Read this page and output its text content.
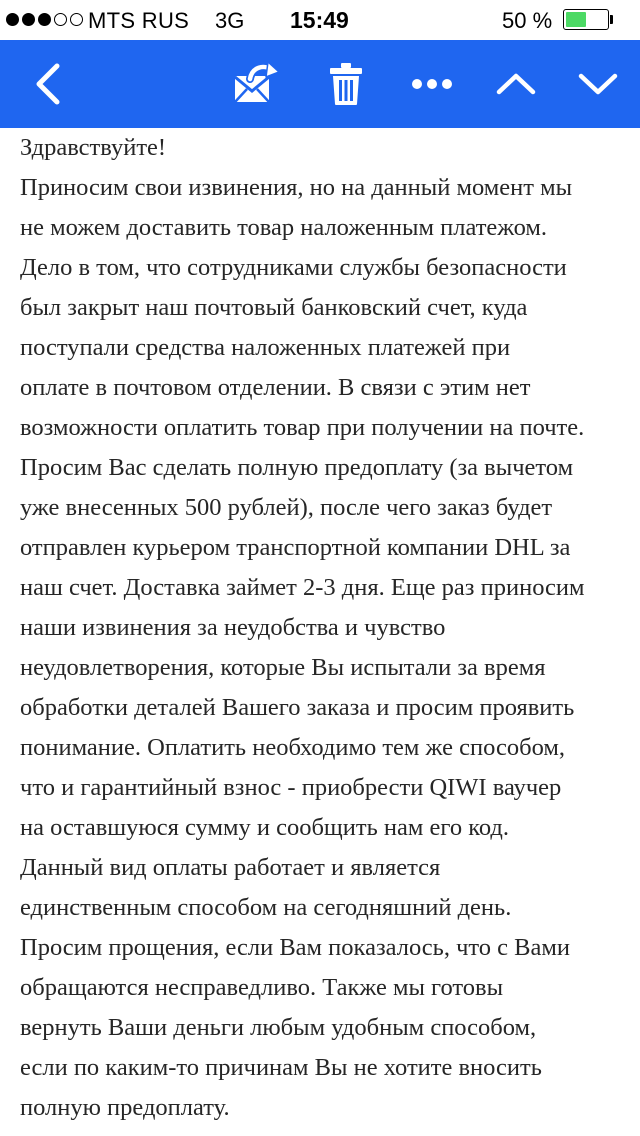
MTS RUS 3G 15:49	50 %
Здравствуйте!
Приносим свои извинения, но на данный момент мы
не можем доставить товар наложенным платежом.
Дело в том, что сотрудниками службы безопасности
был закрыт наш почтовый банковский счет, куда
поступали средства наложенных платежей при
оплате в почтовом отделении. В связи с этим нет
возможности оплатить товар при получении на почте.
Просим Вас сделать полную предоплату (за вычетом
уже внесенных 500 рублей), после чего заказ будет
отправлен курьером транспортной компании DHL за
наш счет. Доставка займет 2-3 дня. Еще раз приносим
наши извинения за неудобства и чувство
неудовлетворения, которые Вы испытали за время
обработки деталей Вашего заказа и просим проявить
понимание. Оплатить необходимо тем же способом,
что и гарантийный взнос - приобрести QIWI ваучер
на оставшуюся сумму и сообщить нам его код.
Данный вид оплаты работает и является
единственным способом на сегодняшний день.
Просим прощения, если Вам показалось, что с Вами
обращаются несправедливо. Также мы готовы
вернуть Ваши деньги любым удобным способом,
если по каким-то причинам Вы не хотите вносить
полную предоплату.
